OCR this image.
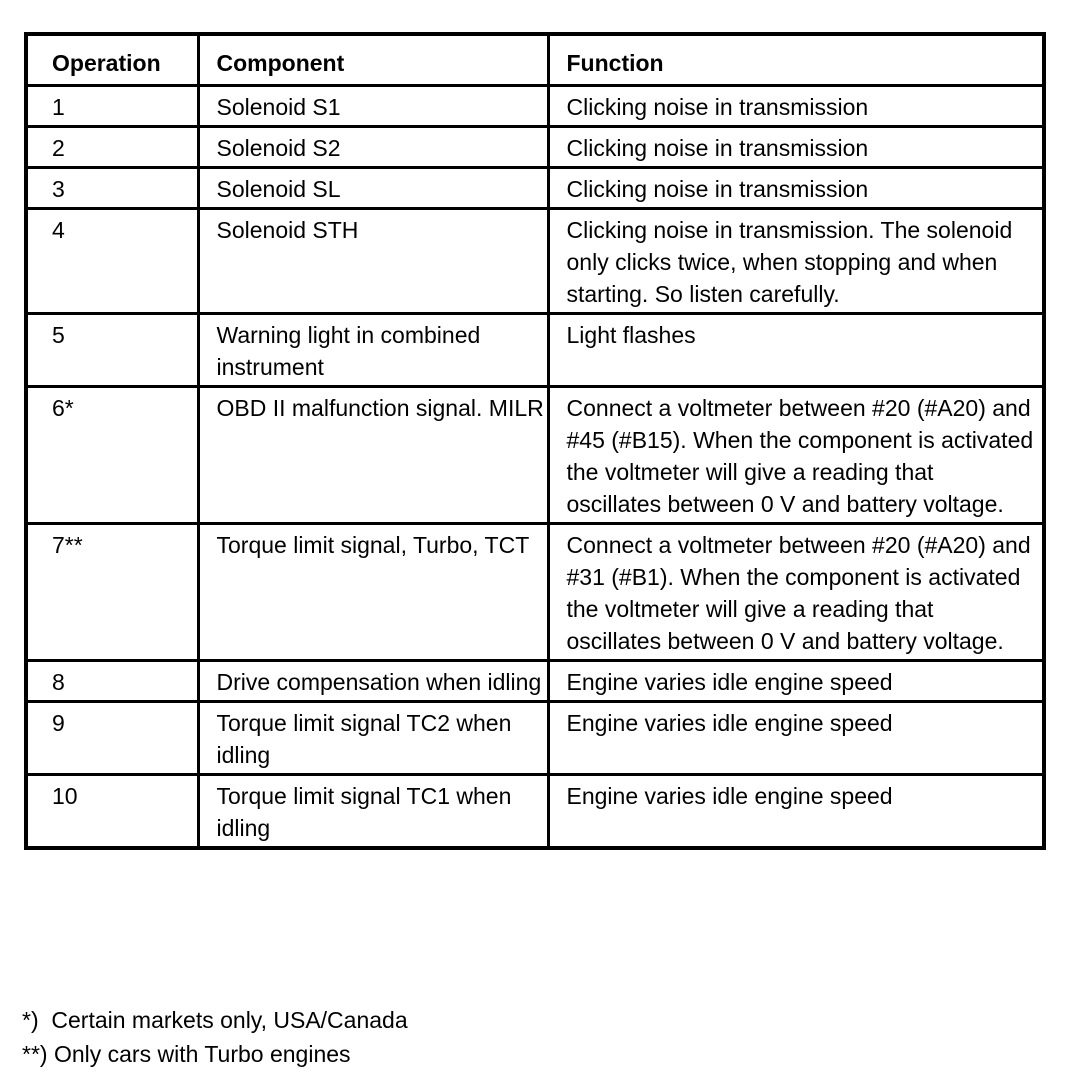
Operation	Component	Function
1	Solenoid S1	Clicking noise in transmission
2	Solenoid S2	Clicking noise in transmission
3	Solenoid SL	Clicking noise in transmission
4	Solenoid STH	Clicking noise in transmission. The solenoid only clicks twice, when stopping and when starting. So listen carefully.
5	Warning light in combined instrument	Light flashes
6*	OBD II malfunction signal. MILR	Connect a voltmeter between #20 (#A20) and #45 (#B15). When the component is activated the voltmeter will give a reading that oscillates between 0 V and battery voltage.
7**	Torque limit signal, Turbo, TCT	Connect a voltmeter between #20 (#A20) and #31 (#B1). When the component is activated the voltmeter will give a reading that oscillates between 0 V and battery voltage.
8	Drive compensation when idling	Engine varies idle engine speed
9	Torque limit signal TC2 when idling	Engine varies idle engine speed
10	Torque limit signal TC1 when idling	Engine varies idle engine speed
*)  Certain markets only, USA/Canada
**) Only cars with Turbo engines
